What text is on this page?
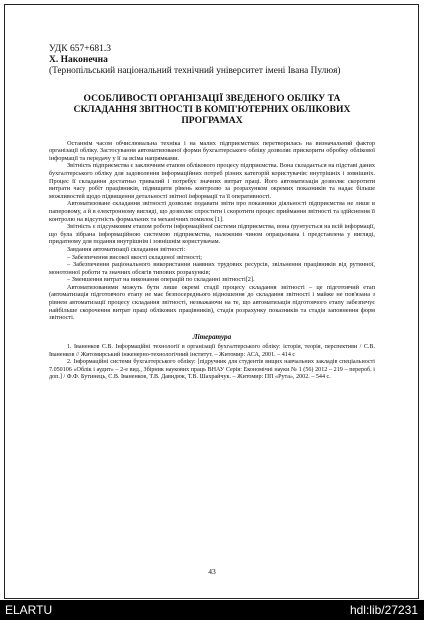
УДК 657+681.3

Х. Наконечна

(Тернопільський національний технічний університет імені Івана Пулюя)

ОСОБЛИВОСТІ ОРГАНІЗАЦІЇ ЗВЕДЕНОГО ОБЛІКУ ТА СКЛАДАННЯ ЗВІТНОСТІ В КОМП'ЮТЕРНИХ ОБЛІКОВИХ ПРОГРАМАХ

Останнім часом обчислювальна техніка і на малих підприємствах перетворилась на визначальний фактор організації обліку. Застосування автоматизованої форми бухгалтерського обліку дозволяє прискорити обробку облікової інформації та передачу у її за всіма напрямками.

Звітність підприємства є заключним етапом облікового процесу підприємства. Вона складається на підставі даних бухгалтерського обліку для задоволення інформаційних потреб різних категорій користувачів: внутрішніх і зовнішніх. Процес її складання достатньо тривалий і потребує значних витрат праці. Його автоматизація дозволяє скоротити витрати часу робіт працівників, підвищити рівень контролю за розрахунком окремих показників та надає більше можливостей щодо підвищення детальності звітної інформації та її оперативності.

Автоматизоване складання звітності дозволяє подавати звіти про показники діяльності підприємства не лише в паперовому, а й в електронному вигляді, що дозволяє спростити і скоротити процес приймання звітності та здійснення її контролю на відсутність формальних та механічних помилок [1].

Звітність є підсумковим етапом роботи інформаційної системи підприємства, вона ґрунтується на всій інформації, що була зібрана інформаційною системою підприємства, належним чином опрацьована і представлена у вигляді, придатному для подання внутрішнім і зовнішнім користувачам.

Завдання автоматизації складання звітності:

– Забезпечення високої якості складеної звітності;

– Забезпечення раціонального використання наявних трудових ресурсів, звільнення працівників від рутинної, монотонної роботи та значних обсягів типових розрахунків;

– Зменшення витрат на виконання операцій по складанні звітності[2].

Автоматизованими можуть бути лише окремі стадії процесу складання звітності – це підготовчий етап (автоматизація підготовчого етапу не має безпосереднього відношення до складання звітності і майже не пов'язана з рівнем автоматизації процесу складання звітності, незважаючи на те, що автоматизація підготовчого етапу забезпечує найбільше скорочення витрат праці облікових працівників), стадія розрахунку показників та стадія заповнення форм звітності.

Література

1. Іваненков С.В. Інформаційні технології в організації бухгалтерського обліку: історія, теорія, перспективи / С.В. Іваненков // Житомирський інженерно-технологічний інститут. – Житомир: АСА, 2001. – 414 с

2. Інформаційні системи бухгалтерського обліку: [підручник для студентів вищих навчальних закладів спеціальності 7.050106 «Облік і аудит» – 2-е вид., Збірник наукових праць ВНАУ Серія: Економічні науки № 1 (56) 2012 – 219 – перероб. і доп.] / Ф.Ф. Бутинець, С.В. Іваненков, Т.В. Давидюк, Т.В. Шахрайчук. – Житомир: ПП «Рута», 2002. – 544 с.

43
ELARTU	hdl:lib/27231
